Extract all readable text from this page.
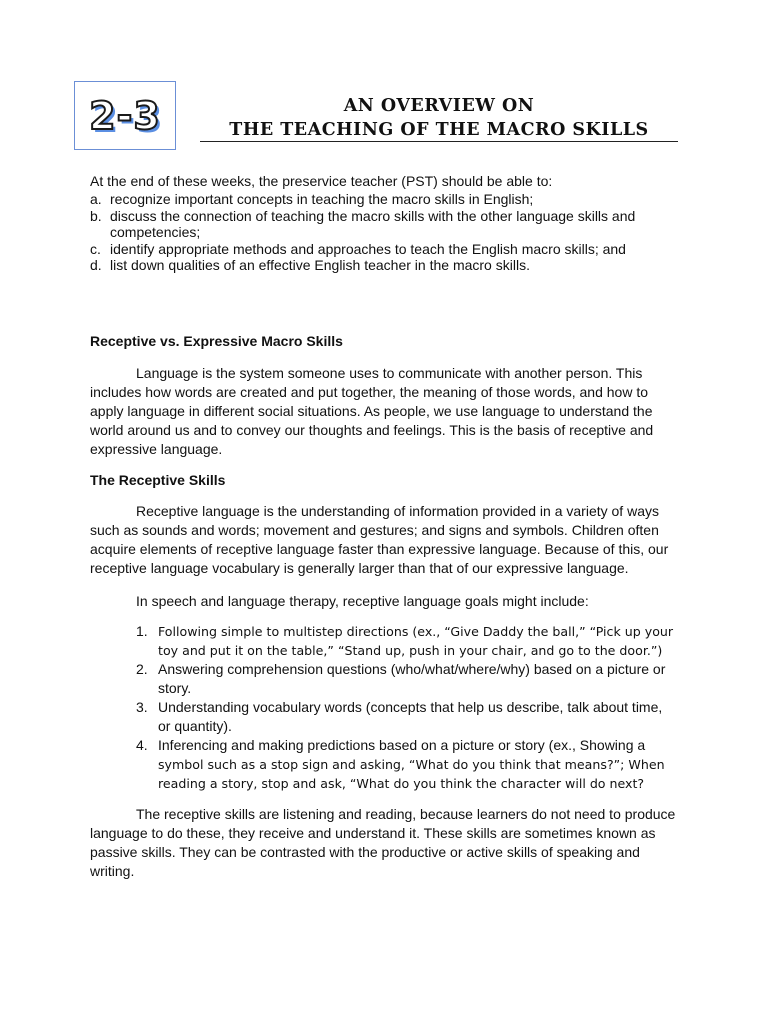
2-3	AN OVERVIEW ON
THE TEACHING OF THE MACRO SKILLS
At the end of these weeks, the preservice teacher (PST) should be able to:
a. recognize important concepts in teaching the macro skills in English;
b. discuss the connection of teaching the macro skills with the other language skills and competencies;
c. identify appropriate methods and approaches to teach the English macro skills; and
d. list down qualities of an effective English teacher in the macro skills.
Receptive vs. Expressive Macro Skills
Language is the system someone uses to communicate with another person. This includes how words are created and put together, the meaning of those words, and how to apply language in different social situations. As people, we use language to understand the world around us and to convey our thoughts and feelings. This is the basis of receptive and expressive language.
The Receptive Skills
Receptive language is the understanding of information provided in a variety of ways such as sounds and words; movement and gestures; and signs and symbols. Children often acquire elements of receptive language faster than expressive language. Because of this, our receptive language vocabulary is generally larger than that of our expressive language.
In speech and language therapy, receptive language goals might include:
1. Following simple to multistep directions (ex., “Give Daddy the ball,” “Pick up your toy and put it on the table,” “Stand up, push in your chair, and go to the door.”)
2. Answering comprehension questions (who/what/where/why) based on a picture or story.
3. Understanding vocabulary words (concepts that help us describe, talk about time, or quantity).
4. Inferencing and making predictions based on a picture or story (ex., Showing a symbol such as a stop sign and asking, “What do you think that means?”; When reading a story, stop and ask, “What do you think the character will do next?
The receptive skills are listening and reading, because learners do not need to produce language to do these, they receive and understand it. These skills are sometimes known as passive skills. They can be contrasted with the productive or active skills of speaking and writing.
